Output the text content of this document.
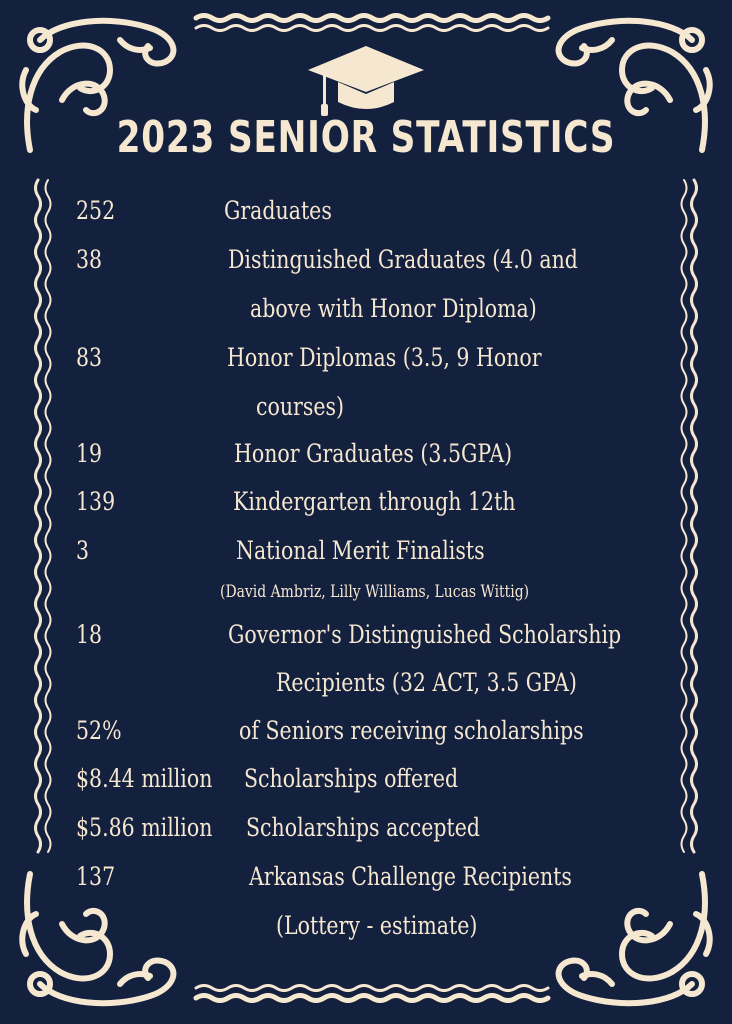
2023 SENIOR STATISTICS
252	Graduates
38	Distinguished Graduates (4.0 and
above with Honor Diploma)
83	Honor Diplomas (3.5, 9 Honor
courses)
19	Honor Graduates (3.5GPA)
139	Kindergarten through 12th
3	National Merit Finalists
(David Ambriz, Lilly Williams, Lucas Wittig)
18	Governor's Distinguished Scholarship
Recipients (32 ACT, 3.5 GPA)
52%	of Seniors receiving scholarships
$8.44 million Scholarships offered
$5.86 million Scholarships accepted
137	Arkansas Challenge Recipients
(Lottery - estimate)
